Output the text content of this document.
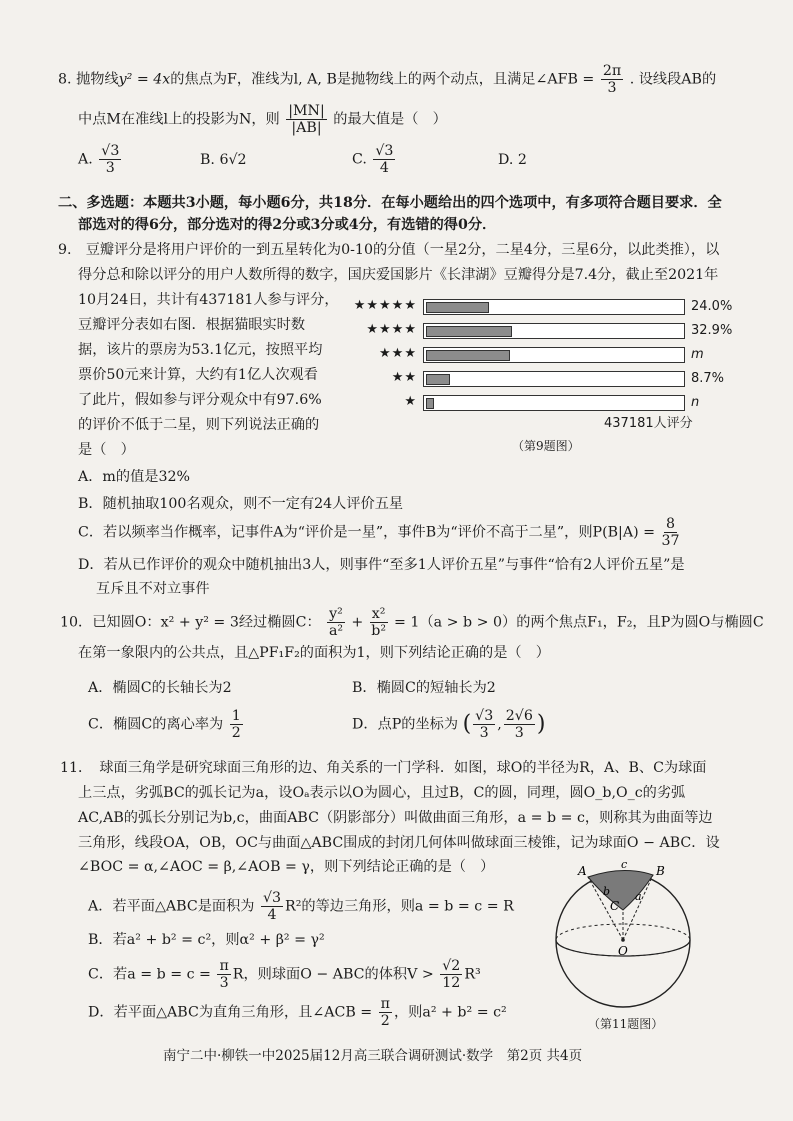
8. 抛物线y² = 4x的焦点为F，准线为l, A, B是抛物线上的两个动点，且满足∠AFB = $\frac{2\pi}{3}$ . 设线段AB的
中点M在准线l上的投影为N，则 $\frac{|MN|}{|AB|}$ 的最大值是（　）
A. $\frac{√3}{3}$	B. 6√2	C. $\frac{√3}{4}$	D. 2
二、多选题：本题共3小题，每小题6分，共18分．在每小题给出的四个选项中，有多项符合题目要求．全
部选对的得6分，部分选对的得2分或3分或4分，有选错的得0分．
9.　豆瓣评分是将用户评价的一到五星转化为0-10的分值（一星2分，二星4分，三星6分，以此类推），以
得分总和除以评分的用户人数所得的数字，国庆爱国影片《长津湖》豆瓣得分是7.4分，截止至2021年
10月24日，共计有437181人参与评分，
豆瓣评分表如右图．根据猫眼实时数
据，该片的票房为53.1亿元，按照平均
票价50元来计算，大约有1亿人次观看
了此片，假如参与评分观众中有97.6%
的评价不低于二星，则下列说法正确的
是（　）
★★★★★	24.0%
★★★★	32.9%
★★★	m
★★	8.7%
★	n
437181人评分
（第9题图）
A．m的值是32%
B．随机抽取100名观众，则不一定有24人评价五星
C．若以频率当作概率，记事件A为“评价是一星”，事件B为“评价不高于二星”，则$P(B|A) = \frac{8}{37}$
D．若从已作评价的观众中随机抽出3人，则事件“至多1人评价五星”与事件“恰有2人评价五星”是
互斥且不对立事件
10．已知圆O：x² + y² = 3经过椭圆C： $\frac{\text{y²}}{\text{a²}} + \frac{\text{x²}}{\text{b²}} = 1(a > b > 0)$的两个焦点F₁，F₂，且P为圆O与椭圆C
在第一象限内的公共点，且△PF₁F₂的面积为1，则下列结论正确的是（　）
A．椭圆C的长轴长为2	B．椭圆C的短轴长为2
C．椭圆C的离心率为 $\frac{1}{2}$	D．点P的坐标为 ( $\frac{√3}{3}$ , $\frac{2√6}{3}$ )
11．　球面三角学是研究球面三角形的边、角关系的一门学科．如图，球O的半径为R，A、B、C为球面
上三点，劣弧BC的弧长记为a，设Oₐ表示以O为圆心，且过B，C的圆，同理，圆O_b,O_c的劣弧
AC,AB的弧长分别记为b,c，曲面ABC（阴影部分）叫做曲面三角形，a = b = c，则称其为曲面等边
三角形，线段OA，OB，OC与曲面△ABC围成的封闭几何体叫做球面三棱锥，记为球面O − ABC．设
∠BOC = α,∠AOC = β,∠AOB = γ，则下列结论正确的是（　）
A．若平面△ABC是面积为 $\frac{√3}{4} R^2$的等边三角形，则a = b = c = R
B．若a² + b² = c²，则α² + β² = γ²
C．若$a = b = c = \frac{\pi}{3}$ R，则球面O − ABC的体积$V > \frac{√2}{12} R^3$
D．若平面△ABC为直角三角形，且∠ACB = $\frac{\pi}{2}$ ，则a² + b² = c²
A	B
C
O
a
b
c
（第11题图）
南宁二中·柳铁一中2025届12月高三联合调研测试·数学　第2页 共4页
